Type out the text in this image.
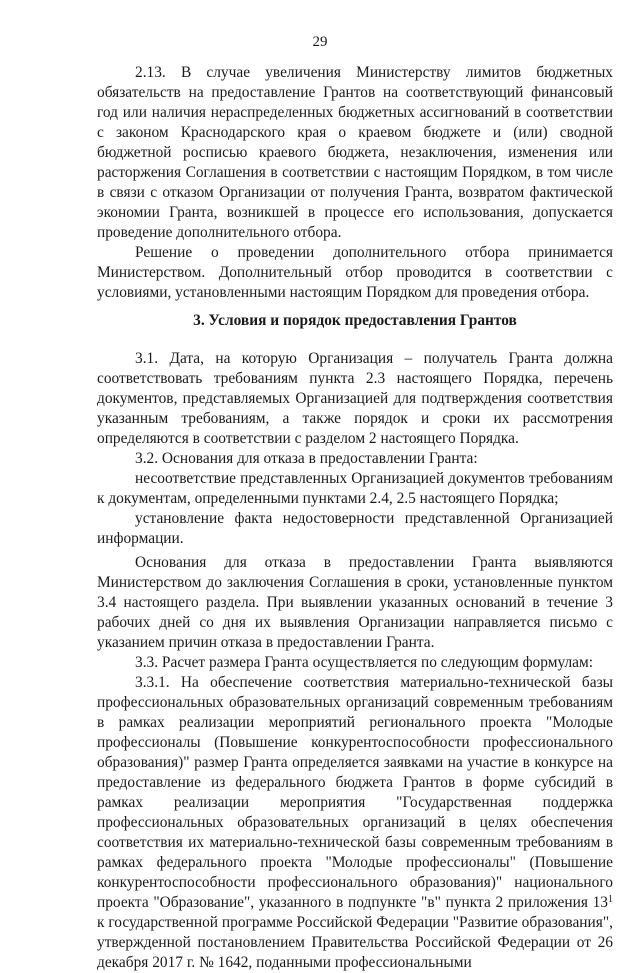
29

2.13. В случае увеличения Министерству лимитов бюджетных обязательств на предоставление Грантов на соответствующий финансовый год или наличия нераспределенных бюджетных ассигнований в соответствии с законом Краснодарского края о краевом бюджете и (или) сводной бюджетной росписью краевого бюджета, незаключения, изменения или расторжения Соглашения в соответствии с настоящим Порядком, в том числе в связи с отказом Организации от получения Гранта, возвратом фактической экономии Гранта, возникшей в процессе его использования, допускается проведение дополнительного отбора.

Решение о проведении дополнительного отбора принимается Министерством. Дополнительный отбор проводится в соответствии с условиями, установленными настоящим Порядком для проведения отбора.

3. Условия и порядок предоставления Грантов

3.1. Дата, на которую Организация – получатель Гранта должна соответствовать требованиям пункта 2.3 настоящего Порядка, перечень документов, представляемых Организацией для подтверждения соответствия указанным требованиям, а также порядок и сроки их рассмотрения определяются в соответствии с разделом 2 настоящего Порядка.

3.2. Основания для отказа в предоставлении Гранта:

несоответствие представленных Организацией документов требованиям к документам, определенными пунктами 2.4, 2.5 настоящего Порядка;

установление факта недостоверности представленной Организацией информации.

Основания для отказа в предоставлении Гранта выявляются Министерством до заключения Соглашения в сроки, установленные пунктом 3.4 настоящего раздела. При выявлении указанных оснований в течение 3 рабочих дней со дня их выявления Организации направляется письмо с указанием причин отказа в предоставлении Гранта.

3.3. Расчет размера Гранта осуществляется по следующим формулам:

3.3.1. На обеспечение соответствия материально-технической базы профессиональных образовательных организаций современным требованиям в рамках реализации мероприятий регионального проекта "Молодые профессионалы (Повышение конкурентоспособности профессионального образования)" размер Гранта определяется заявками на участие в конкурсе на предоставление из федерального бюджета Грантов в форме субсидий в рамках реализации мероприятия "Государственная поддержка профессиональных образовательных организаций в целях обеспечения соответствия их материально-технической базы современным требованиям в рамках федерального проекта "Молодые профессионалы" (Повышение конкурентоспособности профессионального образования)" национального проекта "Образование", указанного в подпункте "в" пункта 2 приложения $13^1$ к государственной программе Российской Федерации "Развитие образования", утвержденной постановлением Правительства Российской Федерации от 26 декабря 2017 г. № 1642, поданными профессиональными
